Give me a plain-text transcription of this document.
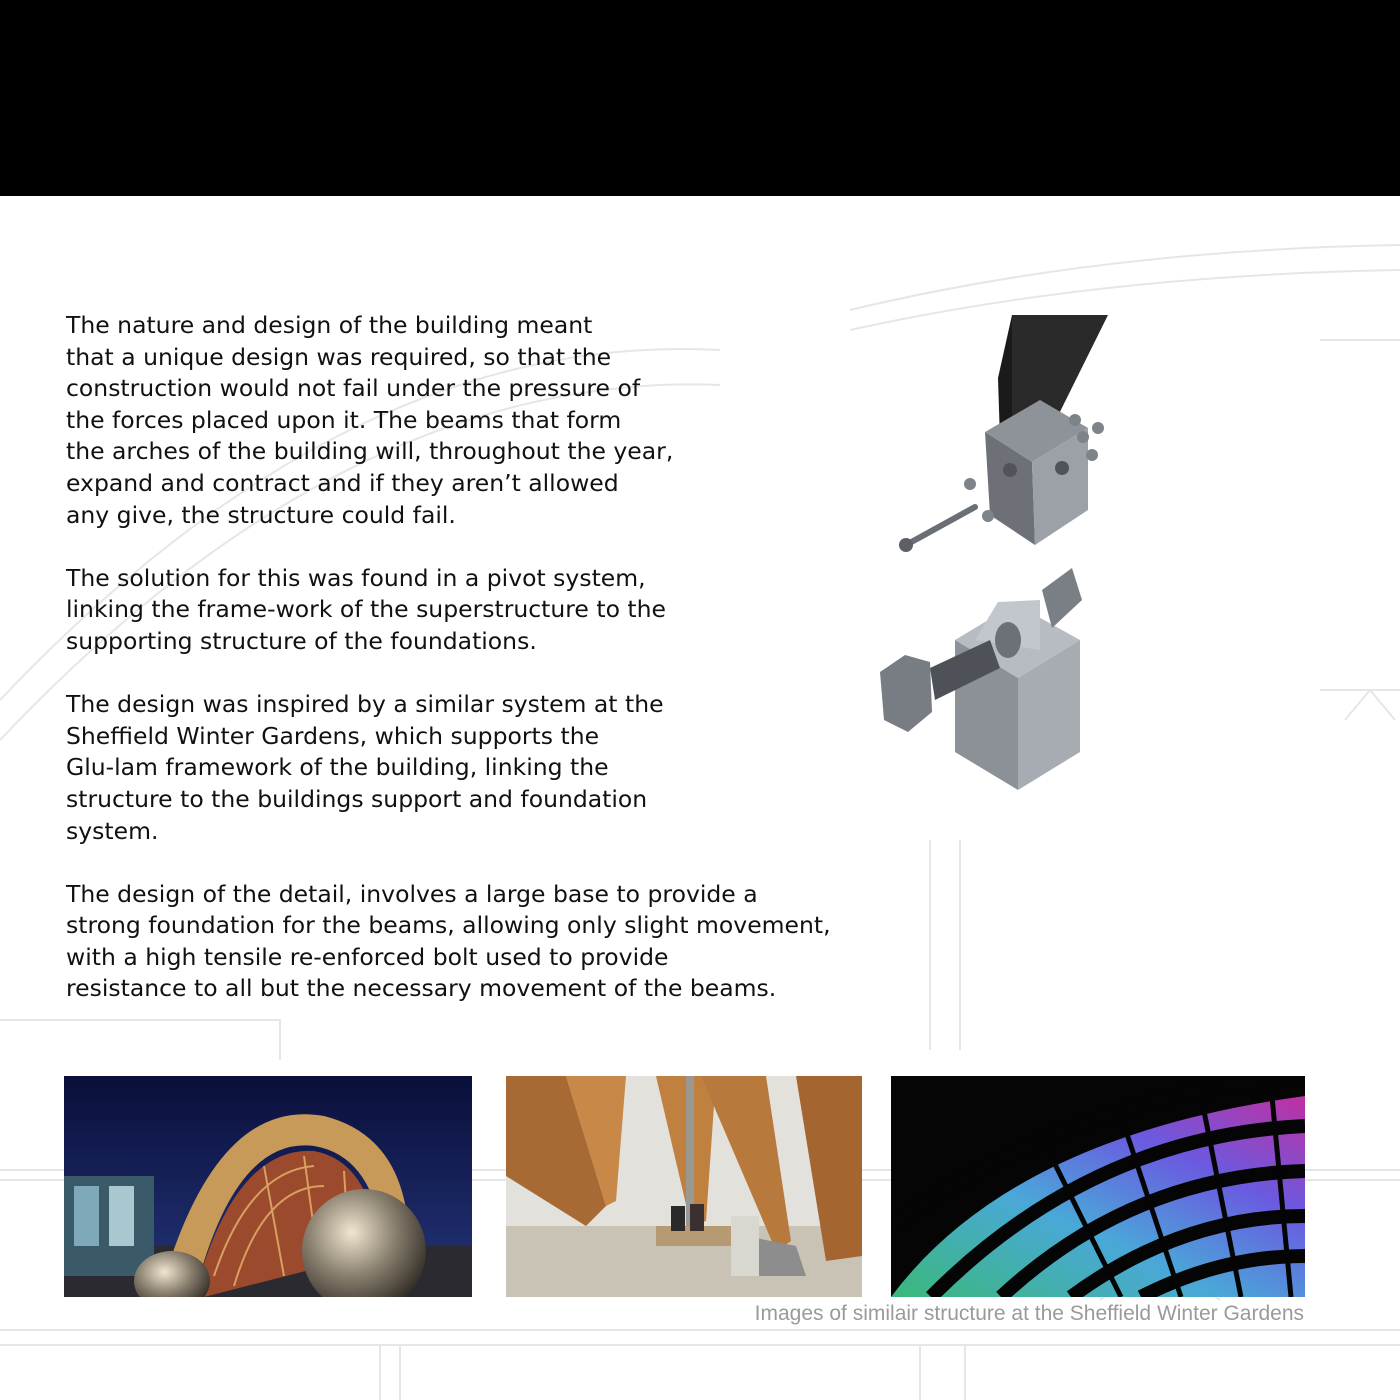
The nature and design of the building meant
that a unique design was required, so that the
construction would not fail under the pressure of
the forces placed upon it. The beams that form
the arches of the building will, throughout the year,
expand and contract and if they aren’t allowed
any give, the structure could fail.

The solution for this was found in a pivot system,
linking the frame-work of the superstructure to the
supporting structure of the foundations.

The design was inspired by a similar system at the
Sheffield Winter Gardens, which supports the
Glu-lam framework of the building, linking the
structure to the buildings support and foundation
system.

The design of the detail, involves a large base to provide a
strong foundation for the beams, allowing only slight movement,
with a high tensile re-enforced bolt used to provide
resistance to all but the necessary movement of the beams.

Images of similair structure at the Sheffield Winter Gardens
